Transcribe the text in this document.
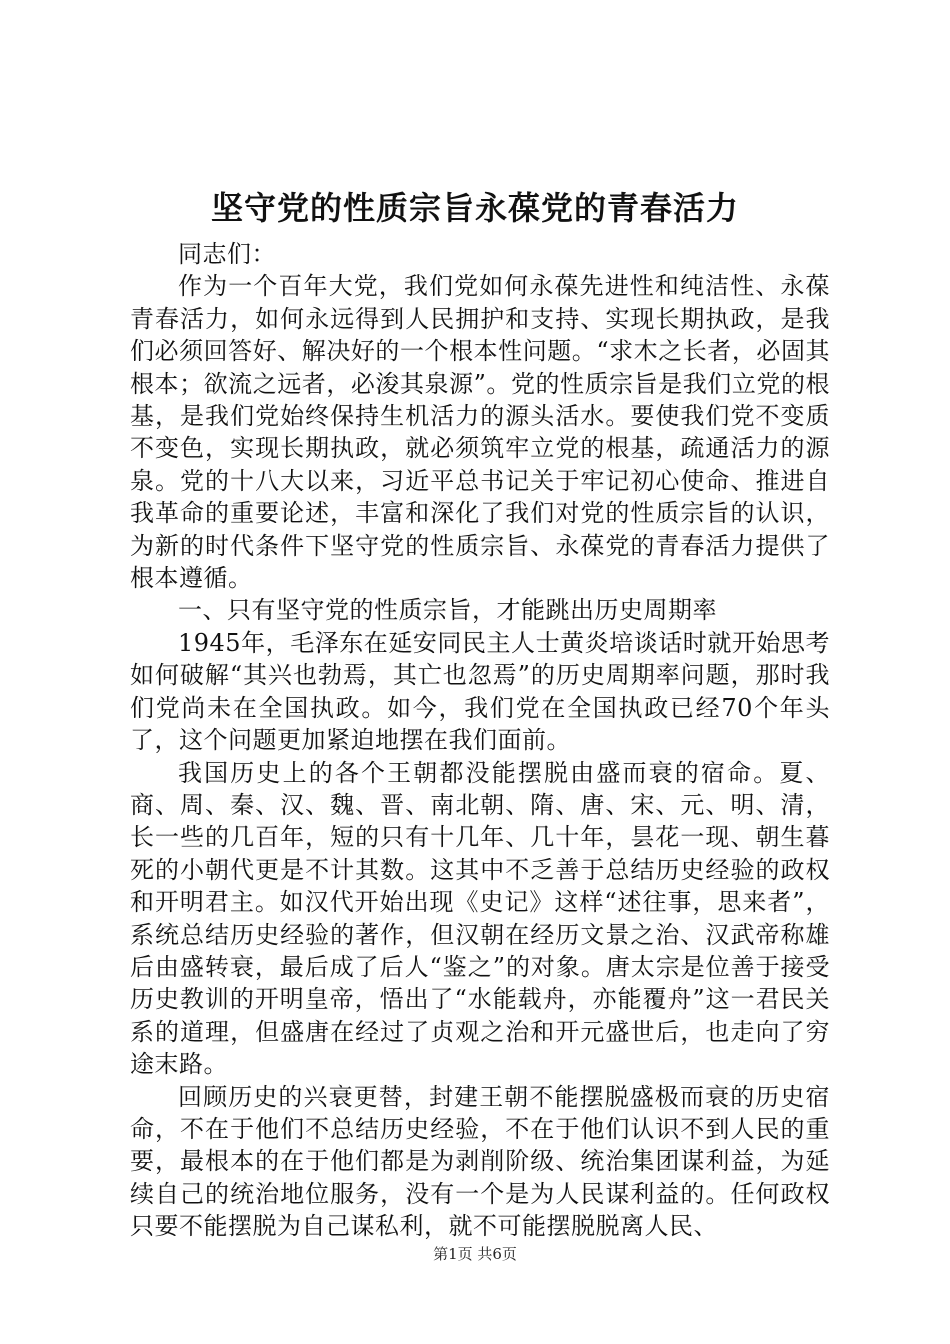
坚守党的性质宗旨永葆党的青春活力

同志们：

作为一个百年大党，我们党如何永葆先进性和纯洁性、永葆青春活力，如何永远得到人民拥护和支持、实现长期执政，是我们必须回答好、解决好的一个根本性问题。“求木之长者，必固其根本；欲流之远者，必浚其泉源”。党的性质宗旨是我们立党的根基，是我们党始终保持生机活力的源头活水。要使我们党不变质不变色，实现长期执政，就必须筑牢立党的根基，疏通活力的源泉。党的十八大以来，习近平总书记关于牢记初心使命、推进自我革命的重要论述，丰富和深化了我们对党的性质宗旨的认识，为新的时代条件下坚守党的性质宗旨、永葆党的青春活力提供了根本遵循。

一、只有坚守党的性质宗旨，才能跳出历史周期率

1945年，毛泽东在延安同民主人士黄炎培谈话时就开始思考如何破解“其兴也勃焉，其亡也忽焉”的历史周期率问题，那时我们党尚未在全国执政。如今，我们党在全国执政已经70个年头了，这个问题更加紧迫地摆在我们面前。

我国历史上的各个王朝都没能摆脱由盛而衰的宿命。夏、商、周、秦、汉、魏、晋、南北朝、隋、唐、宋、元、明、清，长一些的几百年，短的只有十几年、几十年，昙花一现、朝生暮死的小朝代更是不计其数。这其中不乏善于总结历史经验的政权和开明君主。如汉代开始出现《史记》这样“述往事，思来者”，系统总结历史经验的著作，但汉朝在经历文景之治、汉武帝称雄后由盛转衰，最后成了后人“鉴之”的对象。唐太宗是位善于接受历史教训的开明皇帝，悟出了“水能载舟，亦能覆舟”这一君民关系的道理，但盛唐在经过了贞观之治和开元盛世后，也走向了穷途末路。

回顾历史的兴衰更替，封建王朝不能摆脱盛极而衰的历史宿命，不在于他们不总结历史经验，不在于他们认识不到人民的重要，最根本的在于他们都是为剥削阶级、统治集团谋利益，为延续自己的统治地位服务，没有一个是为人民谋利益的。任何政权只要不能摆脱为自己谋私利，就不可能摆脱脱离人民、

第1页 共6页
